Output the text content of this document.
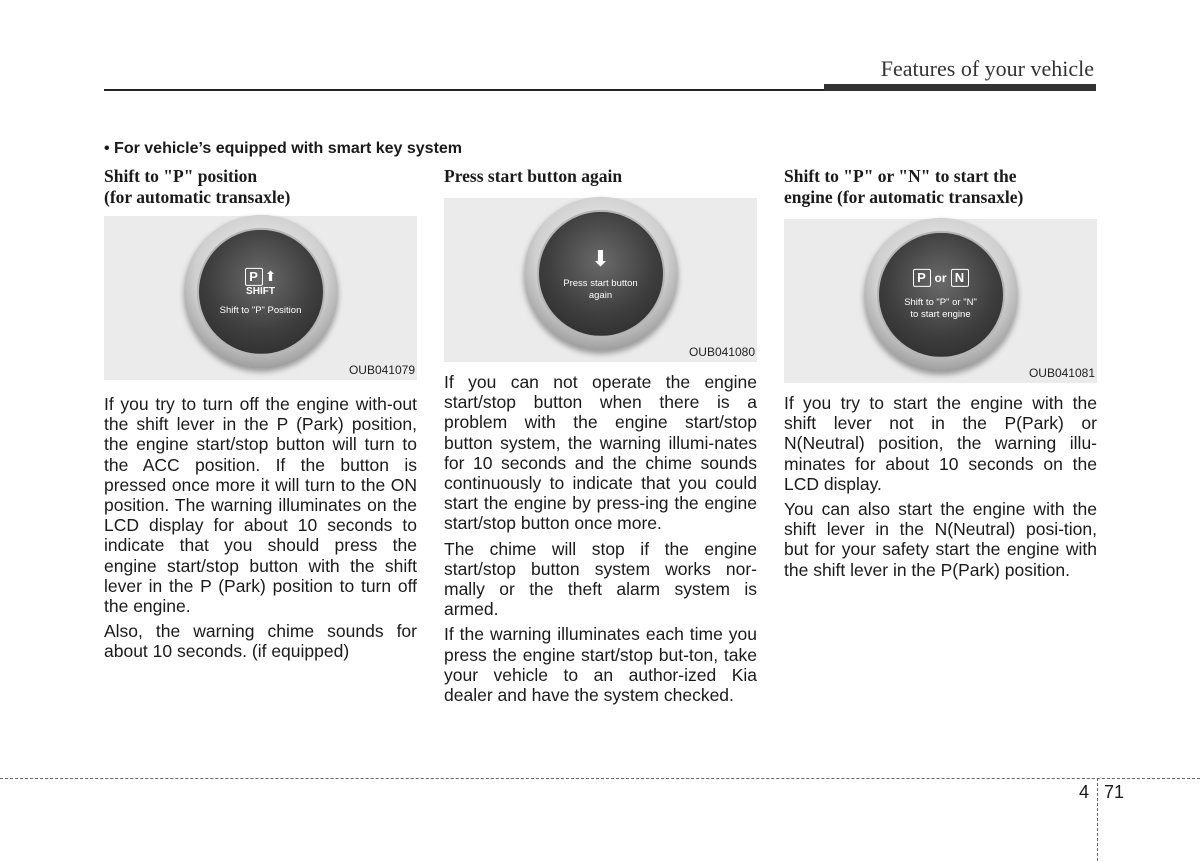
Features of your vehicle
• For vehicle’s equipped with smart key system
Shift to "P" position
(for automatic transaxle)
P ⬆
SHIFT
Shift to "P" Position
OUB041079

If you try to turn off the engine with-out the shift lever in the P (Park) position, the engine start/stop button will turn to the ACC position. If the button is pressed once more it will turn to the ON position. The warning illuminates on the LCD display for about 10 seconds to indicate that you should press the engine start/stop button with the shift lever in the P (Park) position to turn off the engine.

Also, the warning chime sounds for about 10 seconds. (if equipped)

Press start button again
⬇
Press start button
again
OUB041080

If you can not operate the engine start/stop button when there is a problem with the engine start/stop button system, the warning illumi-nates for 10 seconds and the chime sounds continuously to indicate that you could start the engine by press-ing the engine start/stop button once more.

The chime will stop if the engine start/stop button system works nor-mally or the theft alarm system is armed.

If the warning illuminates each time you press the engine start/stop but-ton, take your vehicle to an author-ized Kia dealer and have the system checked.

Shift to "P" or "N" to start the
engine (for automatic transaxle)
P or N
Shift to "P" or "N"
to start engine
OUB041081

If you try to start the engine with the shift lever not in the P(Park) or N(Neutral) position, the warning illu-minates for about 10 seconds on the LCD display.

You can also start the engine with the shift lever in the N(Neutral) posi-tion, but for your safety start the engine with the shift lever in the P(Park) position.

4 71
